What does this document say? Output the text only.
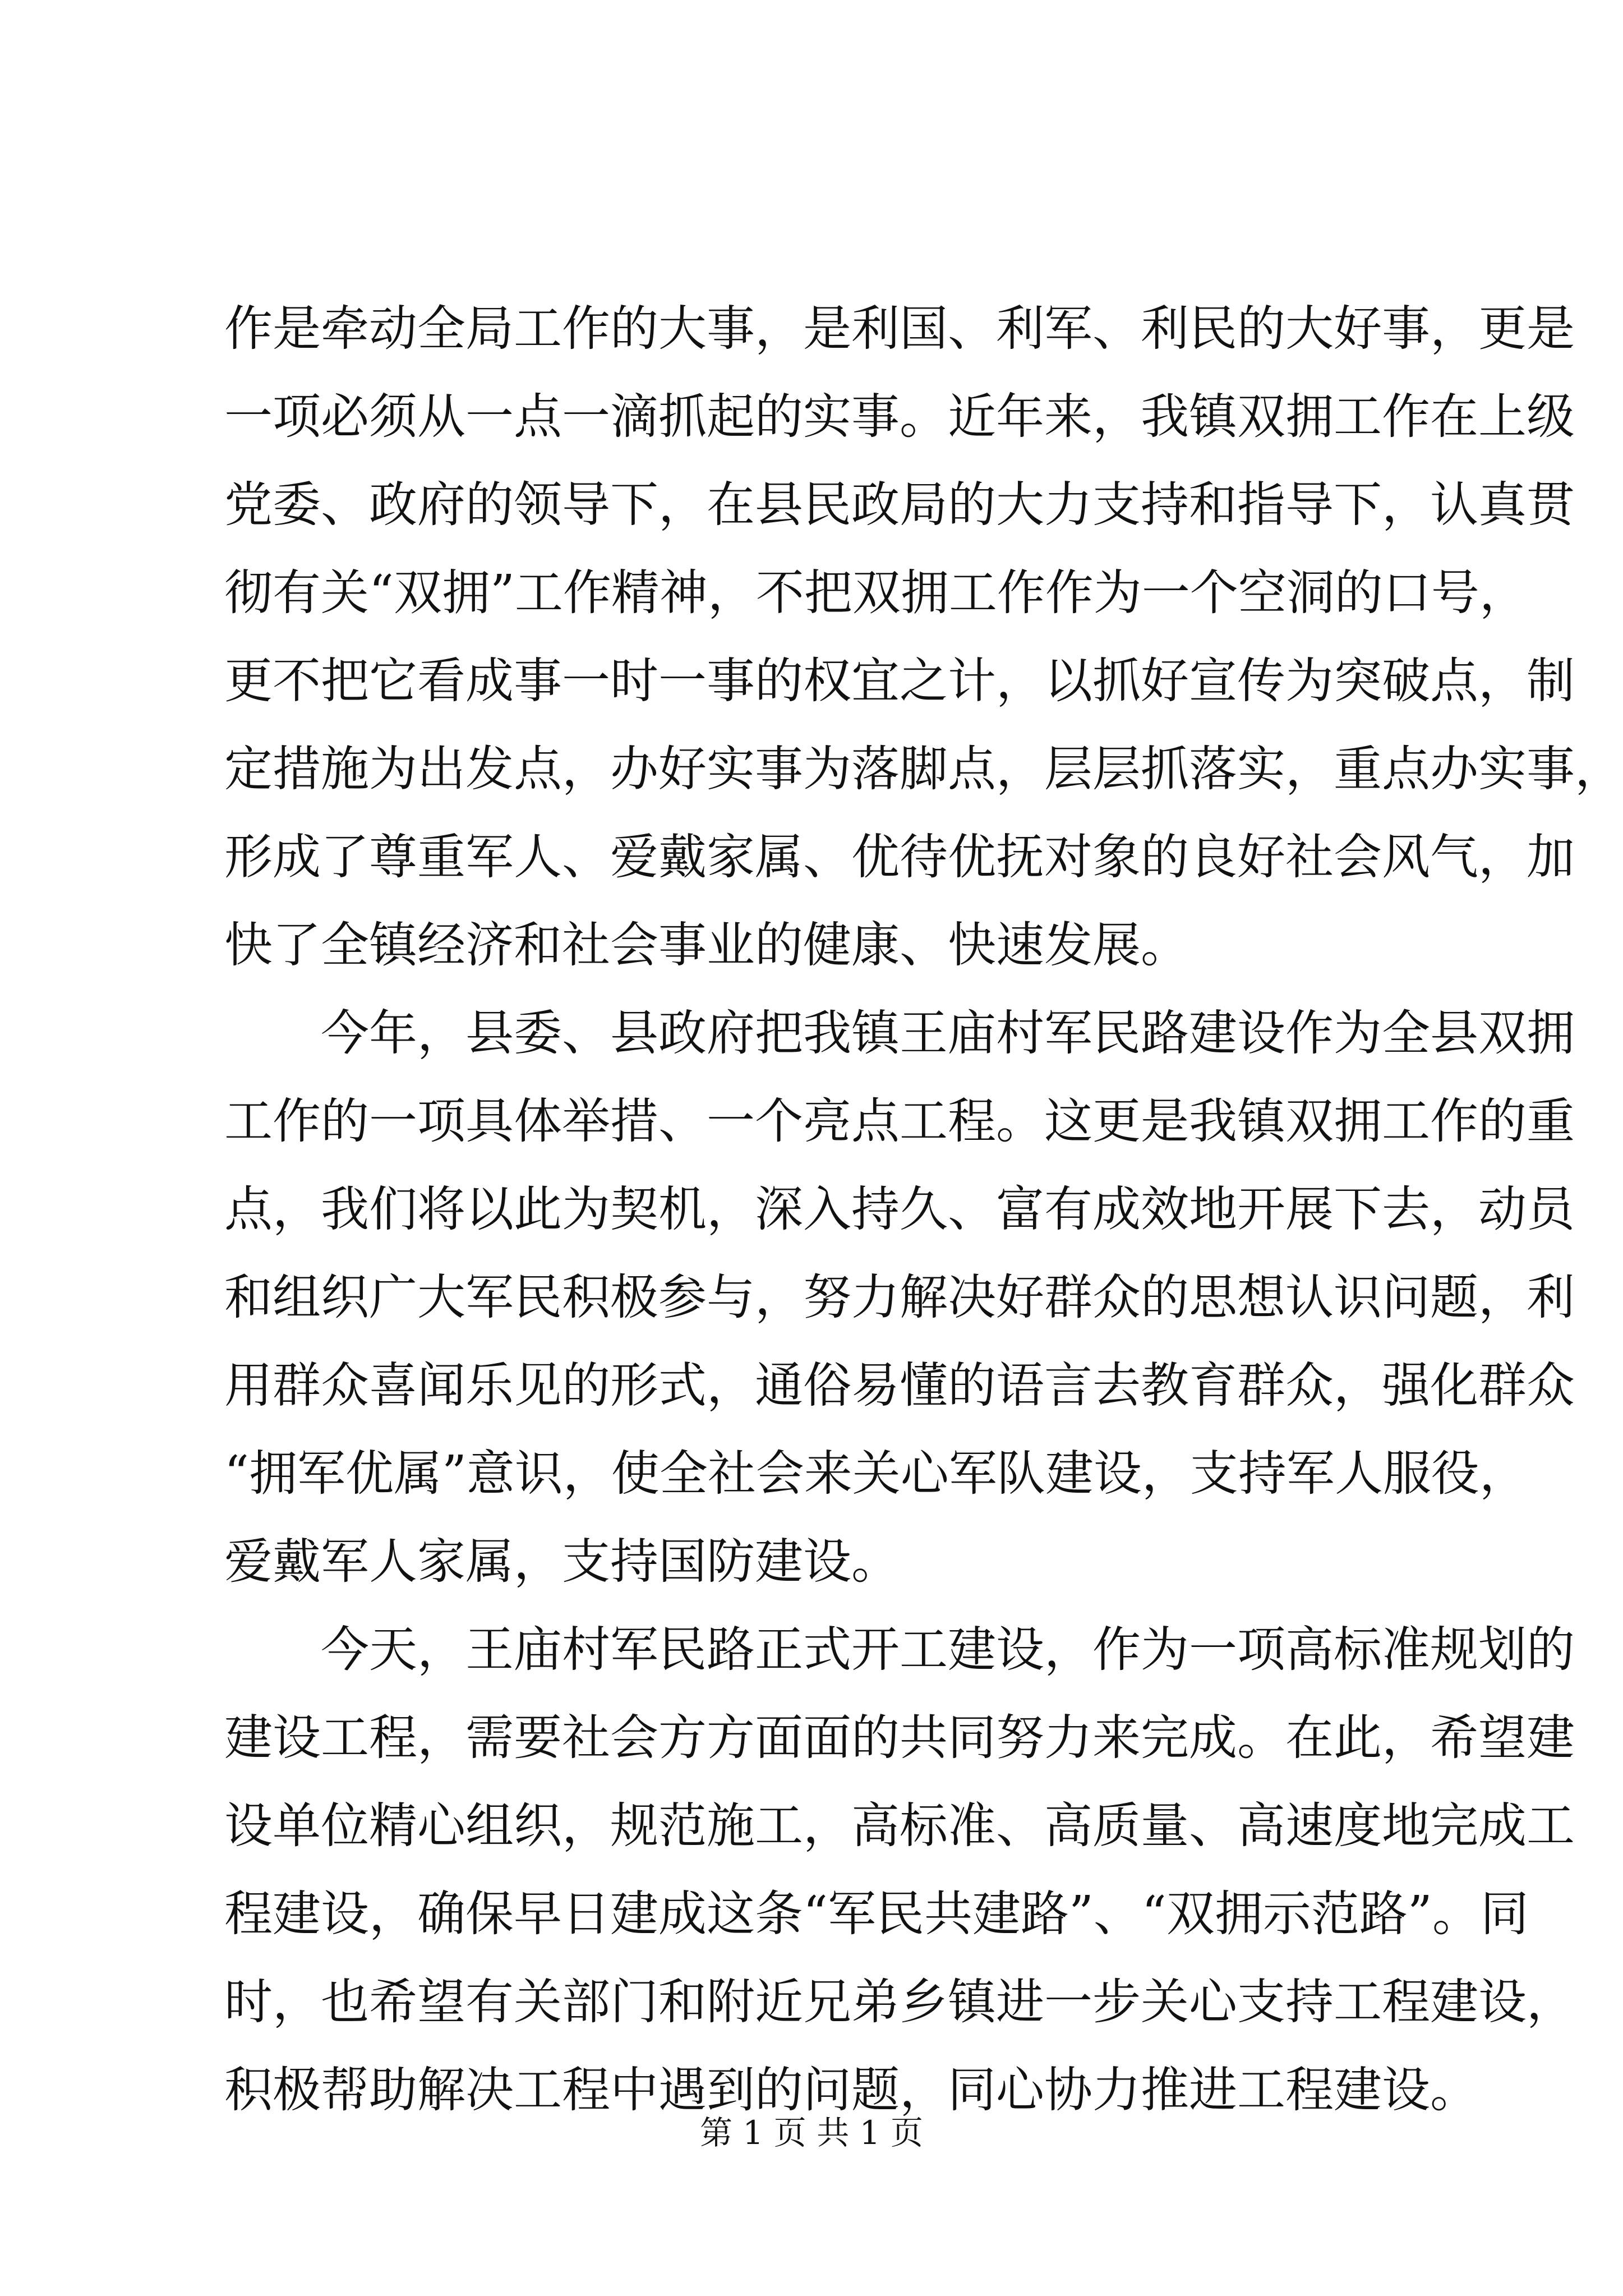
作是牵动全局工作的大事，是利国、利军、利民的大好事，更是
一项必须从一点一滴抓起的实事。近年来，我镇双拥工作在上级
党委、政府的领导下，在县民政局的大力支持和指导下，认真贯
彻有关“双拥”工作精神，不把双拥工作作为一个空洞的口号，
更不把它看成事一时一事的权宜之计，以抓好宣传为突破点，制
定措施为出发点，办好实事为落脚点，层层抓落实，重点办实事，
形成了尊重军人、爱戴家属、优待优抚对象的良好社会风气，加
快了全镇经济和社会事业的健康、快速发展。
今年，县委、县政府把我镇王庙村军民路建设作为全县双拥
工作的一项具体举措、一个亮点工程。这更是我镇双拥工作的重
点，我们将以此为契机，深入持久、富有成效地开展下去，动员
和组织广大军民积极参与，努力解决好群众的思想认识问题，利
用群众喜闻乐见的形式，通俗易懂的语言去教育群众，强化群众
“拥军优属”意识，使全社会来关心军队建设，支持军人服役，
爱戴军人家属，支持国防建设。
今天，王庙村军民路正式开工建设，作为一项高标准规划的
建设工程，需要社会方方面面的共同努力来完成。在此，希望建
设单位精心组织，规范施工，高标准、高质量、高速度地完成工
程建设，确保早日建成这条“军民共建路”、“双拥示范路”。同
时，也希望有关部门和附近兄弟乡镇进一步关心支持工程建设，
积极帮助解决工程中遇到的问题，同心协力推进工程建设。
第 1 页 共 1 页
